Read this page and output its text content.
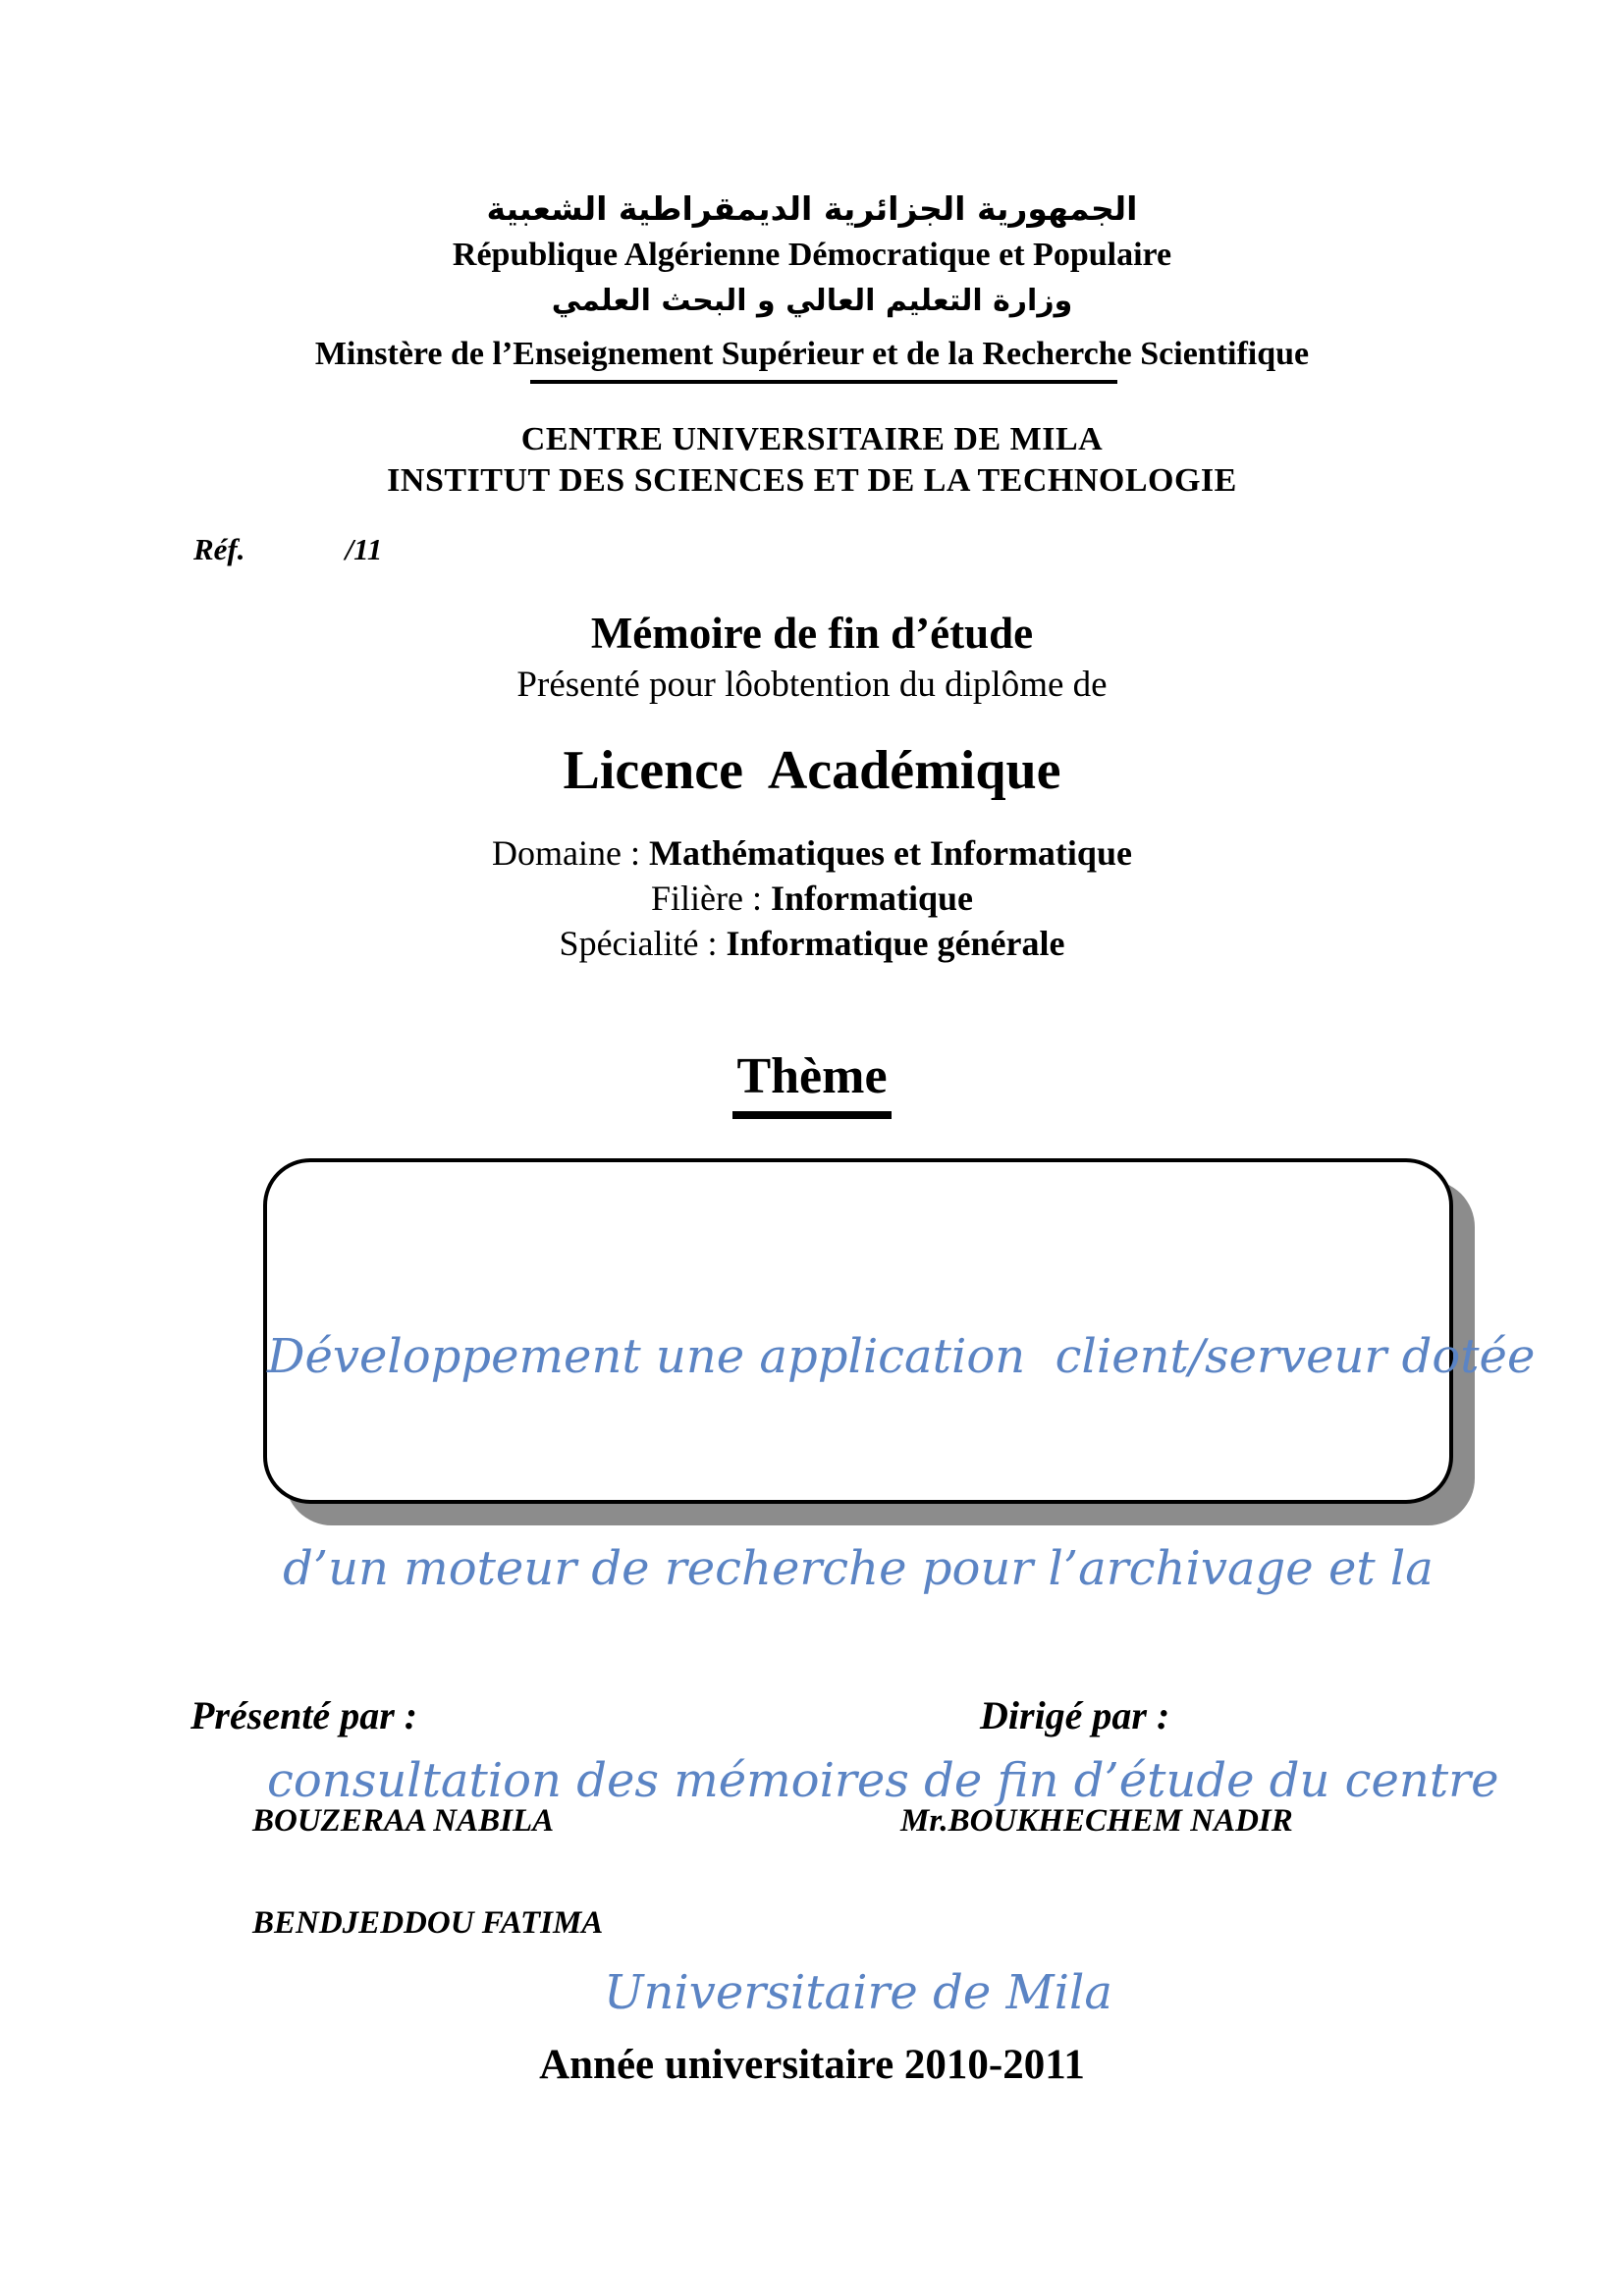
الجمهورية الجزائرية الديمقراطية الشعبية
République Algérienne Démocratique et Populaire
وزارة التعليم العالي و البحث العلمي
Minstère de l’Enseignement Supérieur et de la Recherche Scientifique
CENTRE UNIVERSITAIRE DE MILA
INSTITUT DES SCIENCES ET DE LA TECHNOLOGIE
Réf.	/11
Mémoire de fin d’étude
Présenté pour lôobtention du diplôme de
Licence  Académique
Domaine : Mathématiques et Informatique
Filière : Informatique
Spécialité : Informatique générale
Thème

Développement une application  client/serveur dotée

d’un moteur de recherche pour l’archivage et la

consultation des mémoires de fin d’étude du centre

Universitaire de Mila

Présenté par :	Dirigé par :
BOUZERAA NABILA
BENDJEDDOU FATIMA
Mr.BOUKHECHEM NADIR
Année universitaire 2010-2011
